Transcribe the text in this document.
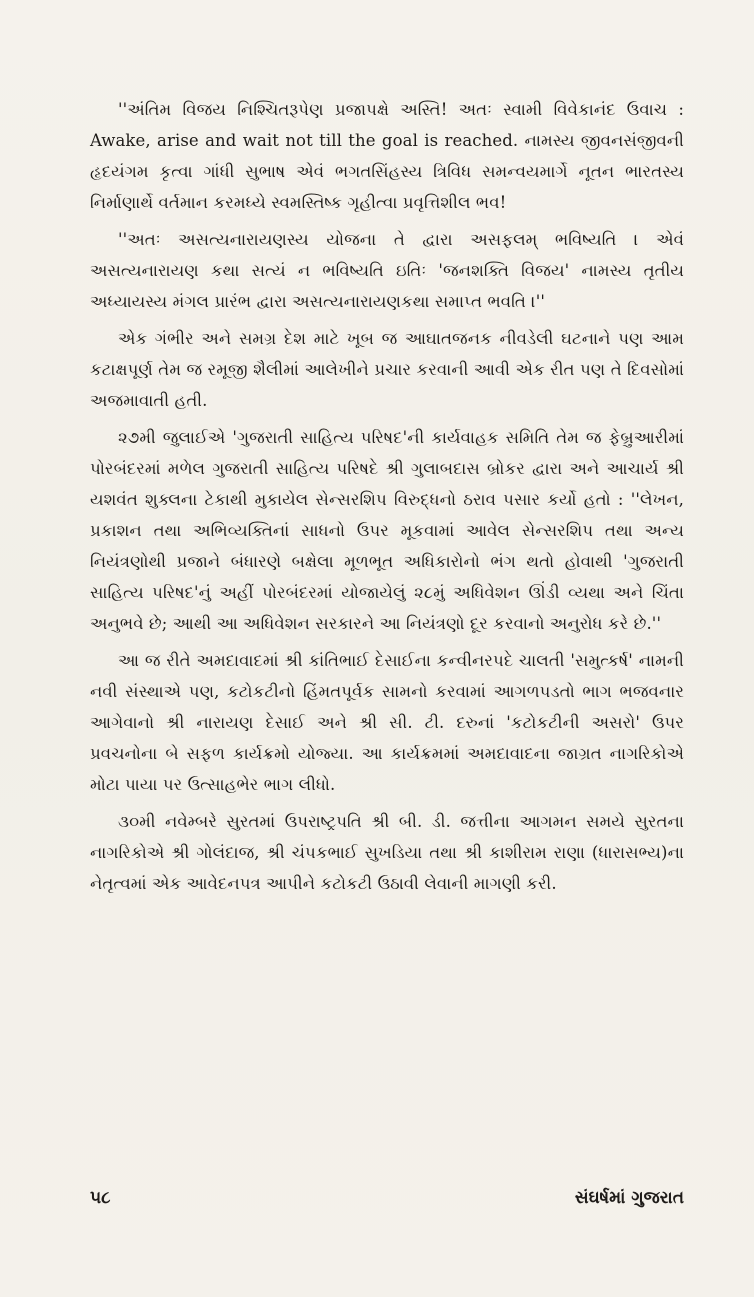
''અંતિમ વિજય નિશ્ચિતરૂપેણ પ્રજાપક્ષે અસ્તિ! અતઃ સ્વામી વિવેકાનંદ ઉવાચ : Awake, arise and wait not till the goal is reached. નામસ્ય જીવનસંજીવની હૃદયંગમ કૃત્વા ગાંધી સુભાષ એવં ભગતસિંહસ્ય ત્રિવિધ સમન્વયમાર્ગે નૂતન ભારતસ્ય નિર્માણાર્થે વર્તમાન કરમધ્યે સ્વમસ્તિષ્ક ગૃહીત્વા પ્રવૃત્તિશીલ ભવ!

''અતઃ અસત્યનારાયણસ્ય યોજના તે દ્વારા અસફલમ્ ભવિષ્યતિ । એવં અસત્યનારાયણ કથા સત્યં ન ભવિષ્યતિ ઇતિઃ 'જનશક્તિ વિજય' નામસ્ય તૃતીય અધ્યાયસ્ય મંગલ પ્રારંભ દ્વારા અસત્યનારાયણકથા સમાપ્ત ભવતિ ।''

એક ગંભીર અને સમગ્ર દેશ માટે ખૂબ જ આઘાતજનક નીવડેલી ઘટનાને પણ આમ કટાક્ષપૂર્ણ તેમ જ રમૂજી શૈલીમાં આલેખીને પ્રચાર કરવાની આવી એક રીત પણ તે દિવસોમાં અજમાવાતી હતી.

૨૭મી જુલાઈએ 'ગુજરાતી સાહિત્ય પરિષદ'ની કાર્યવાહક સમિતિ તેમ જ ફેબ્રુઆરીમાં પોરબંદરમાં મળેલ ગુજરાતી સાહિત્ય પરિષદે શ્રી ગુલાબદાસ બ્રોકર દ્વારા અને આચાર્ય શ્રી યશવંત શુક્લના ટેકાથી મુકાયેલ સેન્સરશિપ વિરુદ્ધનો ઠરાવ પસાર કર્યો હતો : ''લેખન, પ્રકાશન તથા અભિવ્યક્તિનાં સાધનો ઉપર મૂકવામાં આવેલ સેન્સરશિપ તથા અન્ય નિયંત્રણોથી પ્રજાને બંધારણે બક્ષેલા મૂળભૂત અધિકારોનો ભંગ થતો હોવાથી 'ગુજરાતી સાહિત્ય પરિષદ'નું અહીં પોરબંદરમાં યોજાયેલું ૨૮મું અધિવેશન ઊંડી વ્યથા અને ચિંતા અનુભવે છે; આથી આ અધિવેશન સરકારને આ નિયંત્રણો દૂર કરવાનો અનુરોધ કરે છે.''

આ જ રીતે અમદાવાદમાં શ્રી કાંતિભાઈ દેસાઈના કન્વીનરપદે ચાલતી 'સમુત્કર્ષ' નામની નવી સંસ્થાએ પણ, કટોકટીનો હિંમતપૂર્વક સામનો કરવામાં આગળપડતો ભાગ ભજવનાર આગેવાનો શ્રી નારાયણ દેસાઈ અને શ્રી સી. ટી. દરુનાં 'કટોકટીની અસરો' ઉપર પ્રવચનોના બે સફળ કાર્યક્રમો યોજ્યા. આ કાર્યક્રમમાં અમદાવાદના જાગ્રત નાગરિકોએ મોટા પાયા પર ઉત્સાહભેર ભાગ લીધો.

૩૦મી નવેમ્બરે સુરતમાં ઉપરાષ્ટ્રપતિ શ્રી બી. ડી. જત્તીના આગમન સમયે સુરતના નાગરિકોએ શ્રી ગોલંદાજ, શ્રી ચંપકભાઈ સુખડિયા તથા શ્રી કાશીરામ રાણા (ધારાસભ્ય)ના નેતૃત્વમાં એક આવેદનપત્ર આપીને કટોકટી ઉઠાવી લેવાની માગણી કરી.

૫૮	સંઘર્ષમાં ગુજરાત
